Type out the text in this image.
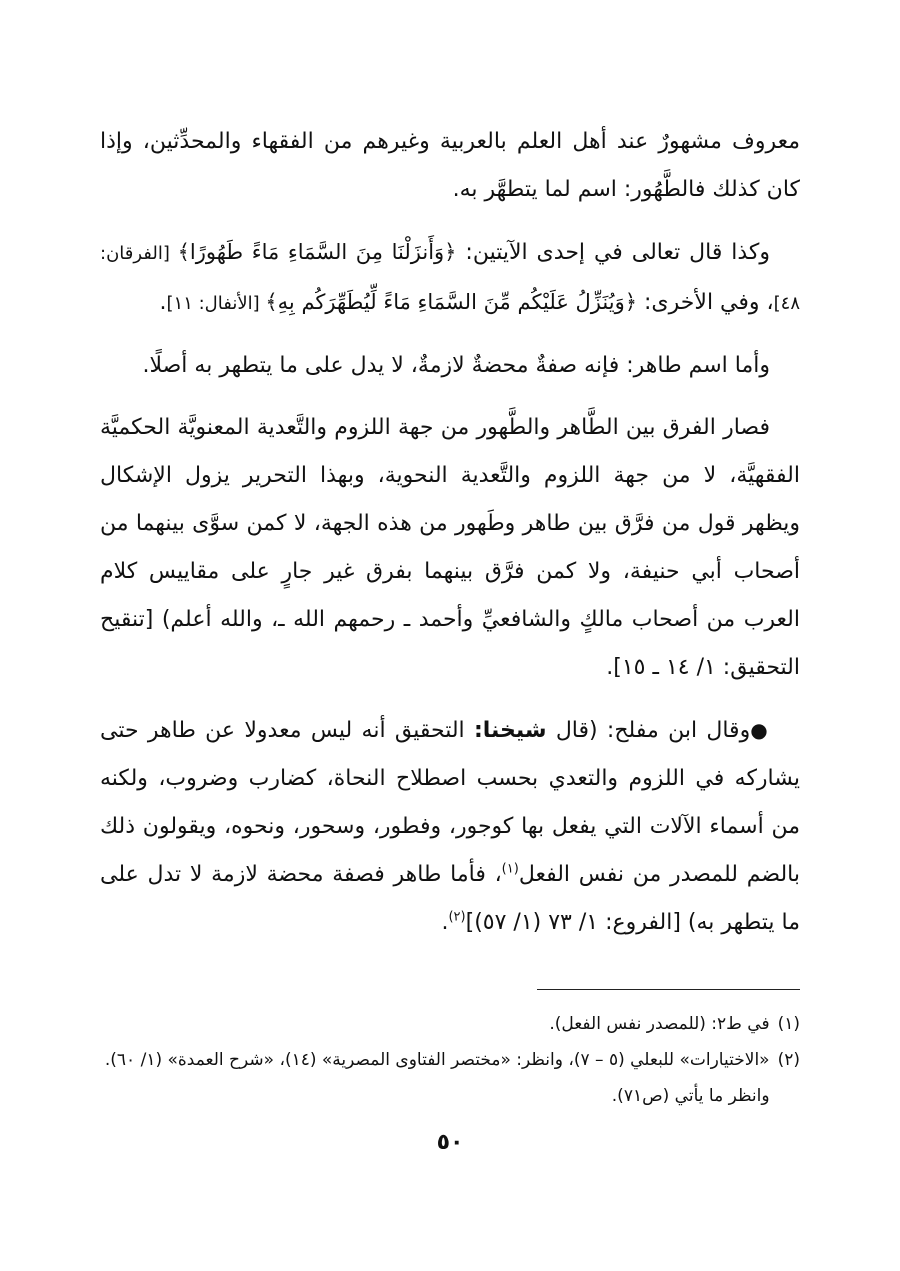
معروف مشهورٌ عند أهل العلم بالعربية وغيرهم من الفقهاء والمحدِّثين، وإذا كان كذلك فالطَّهُور: اسم لما يتطهَّر به.

وكذا قال تعالى في إحدى الآيتين: ﴿وَأَنزَلْنَا مِنَ السَّمَاءِ مَاءً طَهُورًا﴾ [الفرقان: ٤٨]، وفي الأخرى: ﴿وَيُنَزِّلُ عَلَيْكُم مِّنَ السَّمَاءِ مَاءً لِّيُطَهِّرَكُم بِهِ﴾ [الأنفال: ١١].

وأما اسم طاهر: فإنه صفةٌ محضةٌ لازمةٌ، لا يدل على ما يتطهر به أصلًا.

فصار الفرق بين الطَّاهر والطَّهور من جهة اللزوم والتَّعدية المعنويَّة الحكميَّة الفقهيَّة، لا من جهة اللزوم والتَّعدية النحوية، وبهذا التحرير يزول الإشكال ويظهر قول من فرَّق بين طاهر وطَهور من هذه الجهة، لا كمن سوَّى بينهما من أصحاب أبي حنيفة، ولا كمن فرَّق بينهما بفرق غير جارٍ على مقاييس كلام العرب من أصحاب مالكٍ والشافعيِّ وأحمد ـ رحمهم الله ـ، والله أعلم) [تنقيح التحقيق: ١/ ١٤ ـ ١٥].

●وقال ابن مفلح: (قال شيخنا: التحقيق أنه ليس معدولا عن طاهر حتى يشاركه في اللزوم والتعدي بحسب اصطلاح النحاة، كضارب وضروب، ولكنه من أسماء الآلات التي يفعل بها كوجور، وفطور، وسحور، ونحوه، ويقولون ذلك بالضم للمصدر من نفس الفعل$^{(١)}$، فأما طاهر فصفة محضة لازمة لا تدل على ما يتطهر به) [الفروع: ١/ ٧٣ (١/ ٥٧)]$^{(٢)}$.

(١)
في ط٢: (للمصدر نفس الفعل).
(٢)
«الاختيارات» للبعلي (٥ – ٧)، وانظر: «مختصر الفتاوى المصرية» (١٤)، «شرح العمدة» (١/ ٦٠). وانظر ما يأتي (ص٧١).
٥٠
